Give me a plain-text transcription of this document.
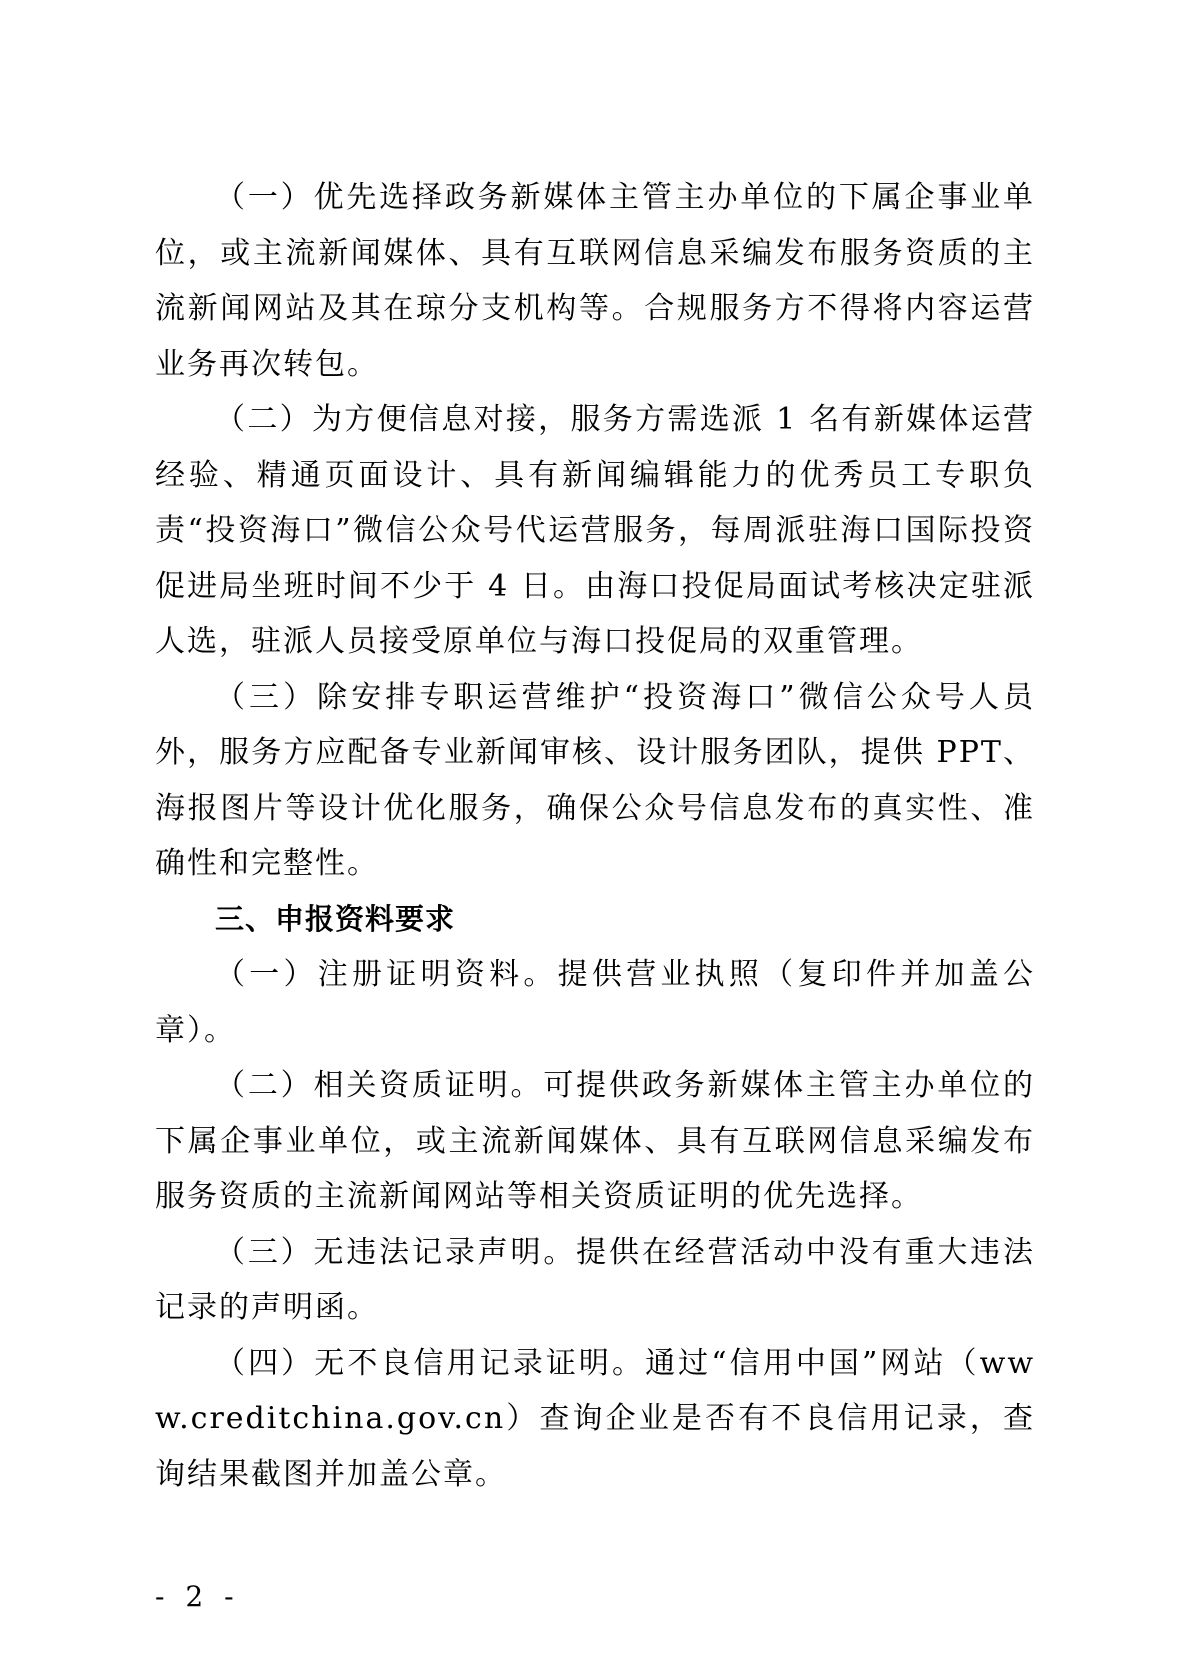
（一）优先选择政务新媒体主管主办单位的下属企事业单位，或主流新闻媒体、具有互联网信息采编发布服务资质的主流新闻网站及其在琼分支机构等。合规服务方不得将内容运营业务再次转包。

（二）为方便信息对接，服务方需选派 1 名有新媒体运营经验、精通页面设计、具有新闻编辑能力的优秀员工专职负责“投资海口”微信公众号代运营服务，每周派驻海口国际投资促进局坐班时间不少于 4 日。由海口投促局面试考核决定驻派人选，驻派人员接受原单位与海口投促局的双重管理。

（三）除安排专职运营维护“投资海口”微信公众号人员外，服务方应配备专业新闻审核、设计服务团队，提供 PPT、海报图片等设计优化服务，确保公众号信息发布的真实性、准确性和完整性。

三、申报资料要求

（一）注册证明资料。提供营业执照（复印件并加盖公章）。

（二）相关资质证明。可提供政务新媒体主管主办单位的下属企事业单位，或主流新闻媒体、具有互联网信息采编发布服务资质的主流新闻网站等相关资质证明的优先选择。

（三）无违法记录声明。提供在经营活动中没有重大违法记录的声明函。

（四）无不良信用记录证明。通过“信用中国”网站（www.creditchina.gov.cn）查询企业是否有不良信用记录，查询结果截图并加盖公章。

- 2 -
